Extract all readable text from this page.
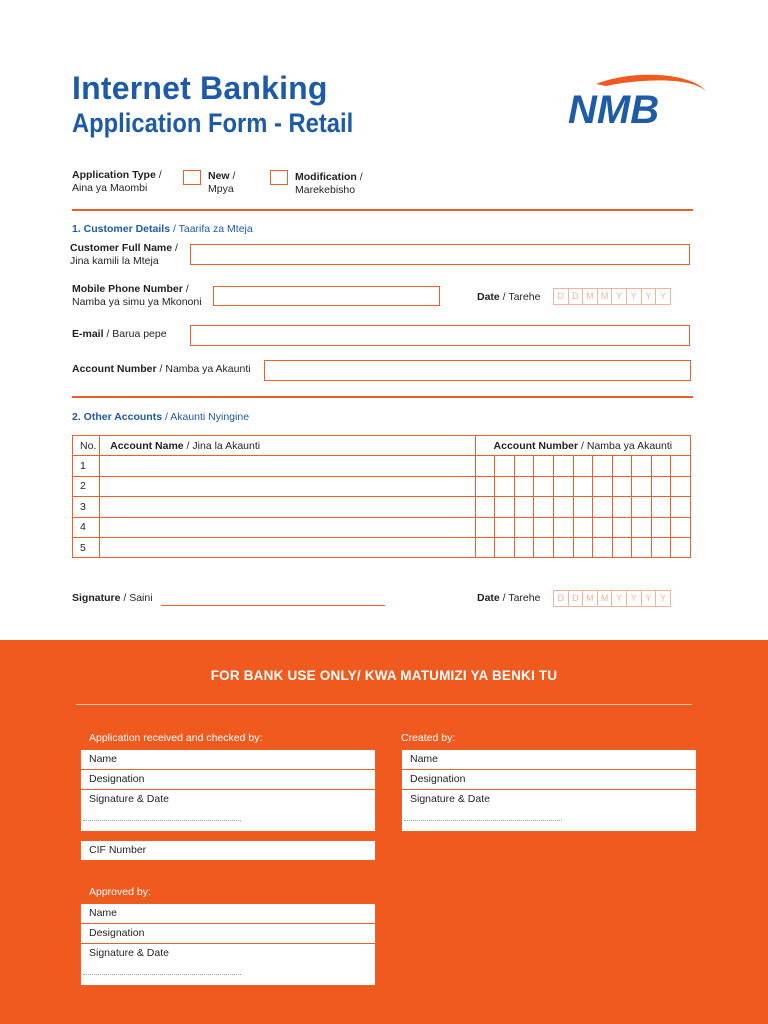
Internet Banking
Application Form - Retail	NMB
Application Type /
Aina ya Maombi
New /
Mpya
Modification /
Marekebisho
1. Customer Details / Taarifa za Mteja
Customer Full Name /
Jina kamili la Mteja
Mobile Phone Number /
Namba ya simu ya Mkononi	Date / Tarehe	D D M M Y Y Y Y
E-mail / Barua pepe
Account Number / Namba ya Akaunti
2. Other Accounts / Akaunti Nyingine
No.	Account Name / Jina la Akaunti	Account Number / Namba ya Akaunti										
1												
2												
3												
4												
5												
Signature / Saini	Date / Tarehe	D D M M Y Y Y Y
FOR BANK USE ONLY/ KWA MATUMIZI YA BENKI TU
Application received and checked by:
Name
Designation
Signature & Date
Created by:
Name
Designation
Signature & Date
CIF Number
Approved by:
Name
Designation
Signature & Date
